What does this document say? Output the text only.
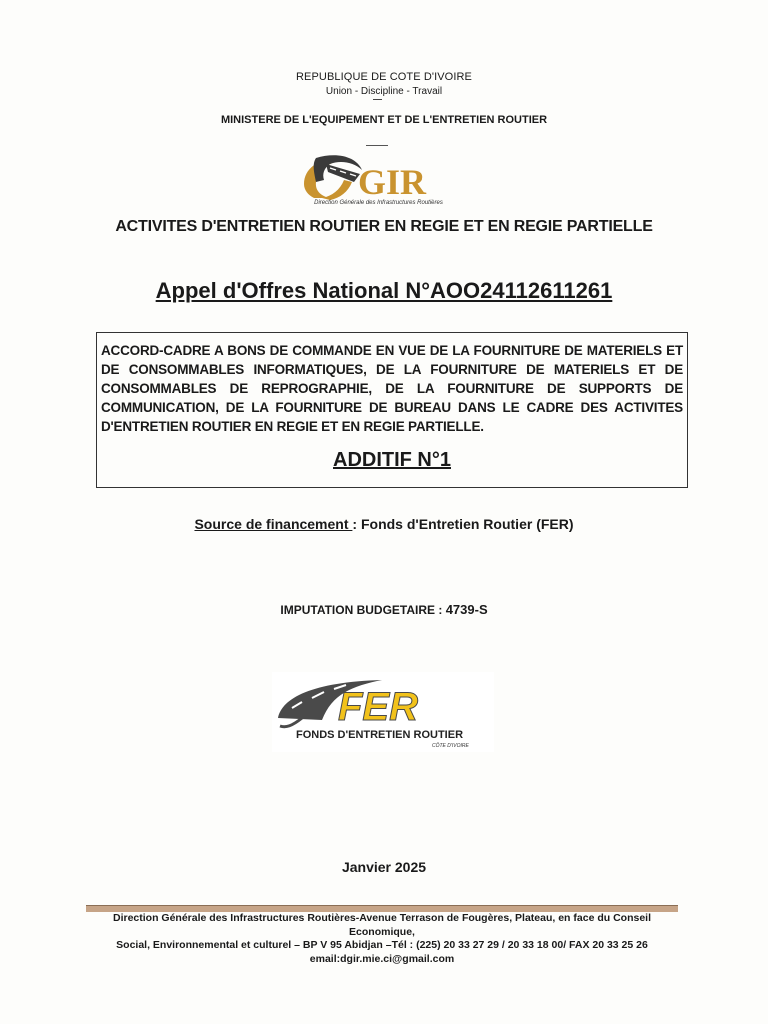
REPUBLIQUE DE COTE D'IVOIRE
Union - Discipline - Travail
MINISTERE DE L'EQUIPEMENT ET DE L'ENTRETIEN ROUTIER
GIR
Direction Générale des Infrastructures Routières
ACTIVITES D'ENTRETIEN ROUTIER EN REGIE ET EN REGIE PARTIELLE
Appel d'Offres National N°AOO24112611261
ACCORD-CADRE A BONS DE COMMANDE EN VUE DE LA FOURNITURE DE MATERIELS ET DE CONSOMMABLES INFORMATIQUES, DE LA FOURNITURE DE MATERIELS ET DE CONSOMMABLES DE REPROGRAPHIE, DE LA FOURNITURE DE SUPPORTS DE COMMUNICATION, DE LA FOURNITURE DE BUREAU DANS LE CADRE DES ACTIVITES D'ENTRETIEN ROUTIER EN REGIE ET EN REGIE PARTIELLE.
ADDITIF N°1
Source de financement : Fonds d'Entretien Routier (FER)
IMPUTATION BUDGETAIRE : 4739-S
FER
FONDS D'ENTRETIEN ROUTIER
CÔTE D'IVOIRE
Janvier 2025
Direction Générale des Infrastructures Routières-Avenue Terrason de Fougères, Plateau, en face du Conseil Economique,
Social, Environnemental et culturel – BP V 95 Abidjan –Tél : (225) 20 33 27 29 / 20 33 18 00/ FAX 20 33 25 26
email:dgir.mie.ci@gmail.com
